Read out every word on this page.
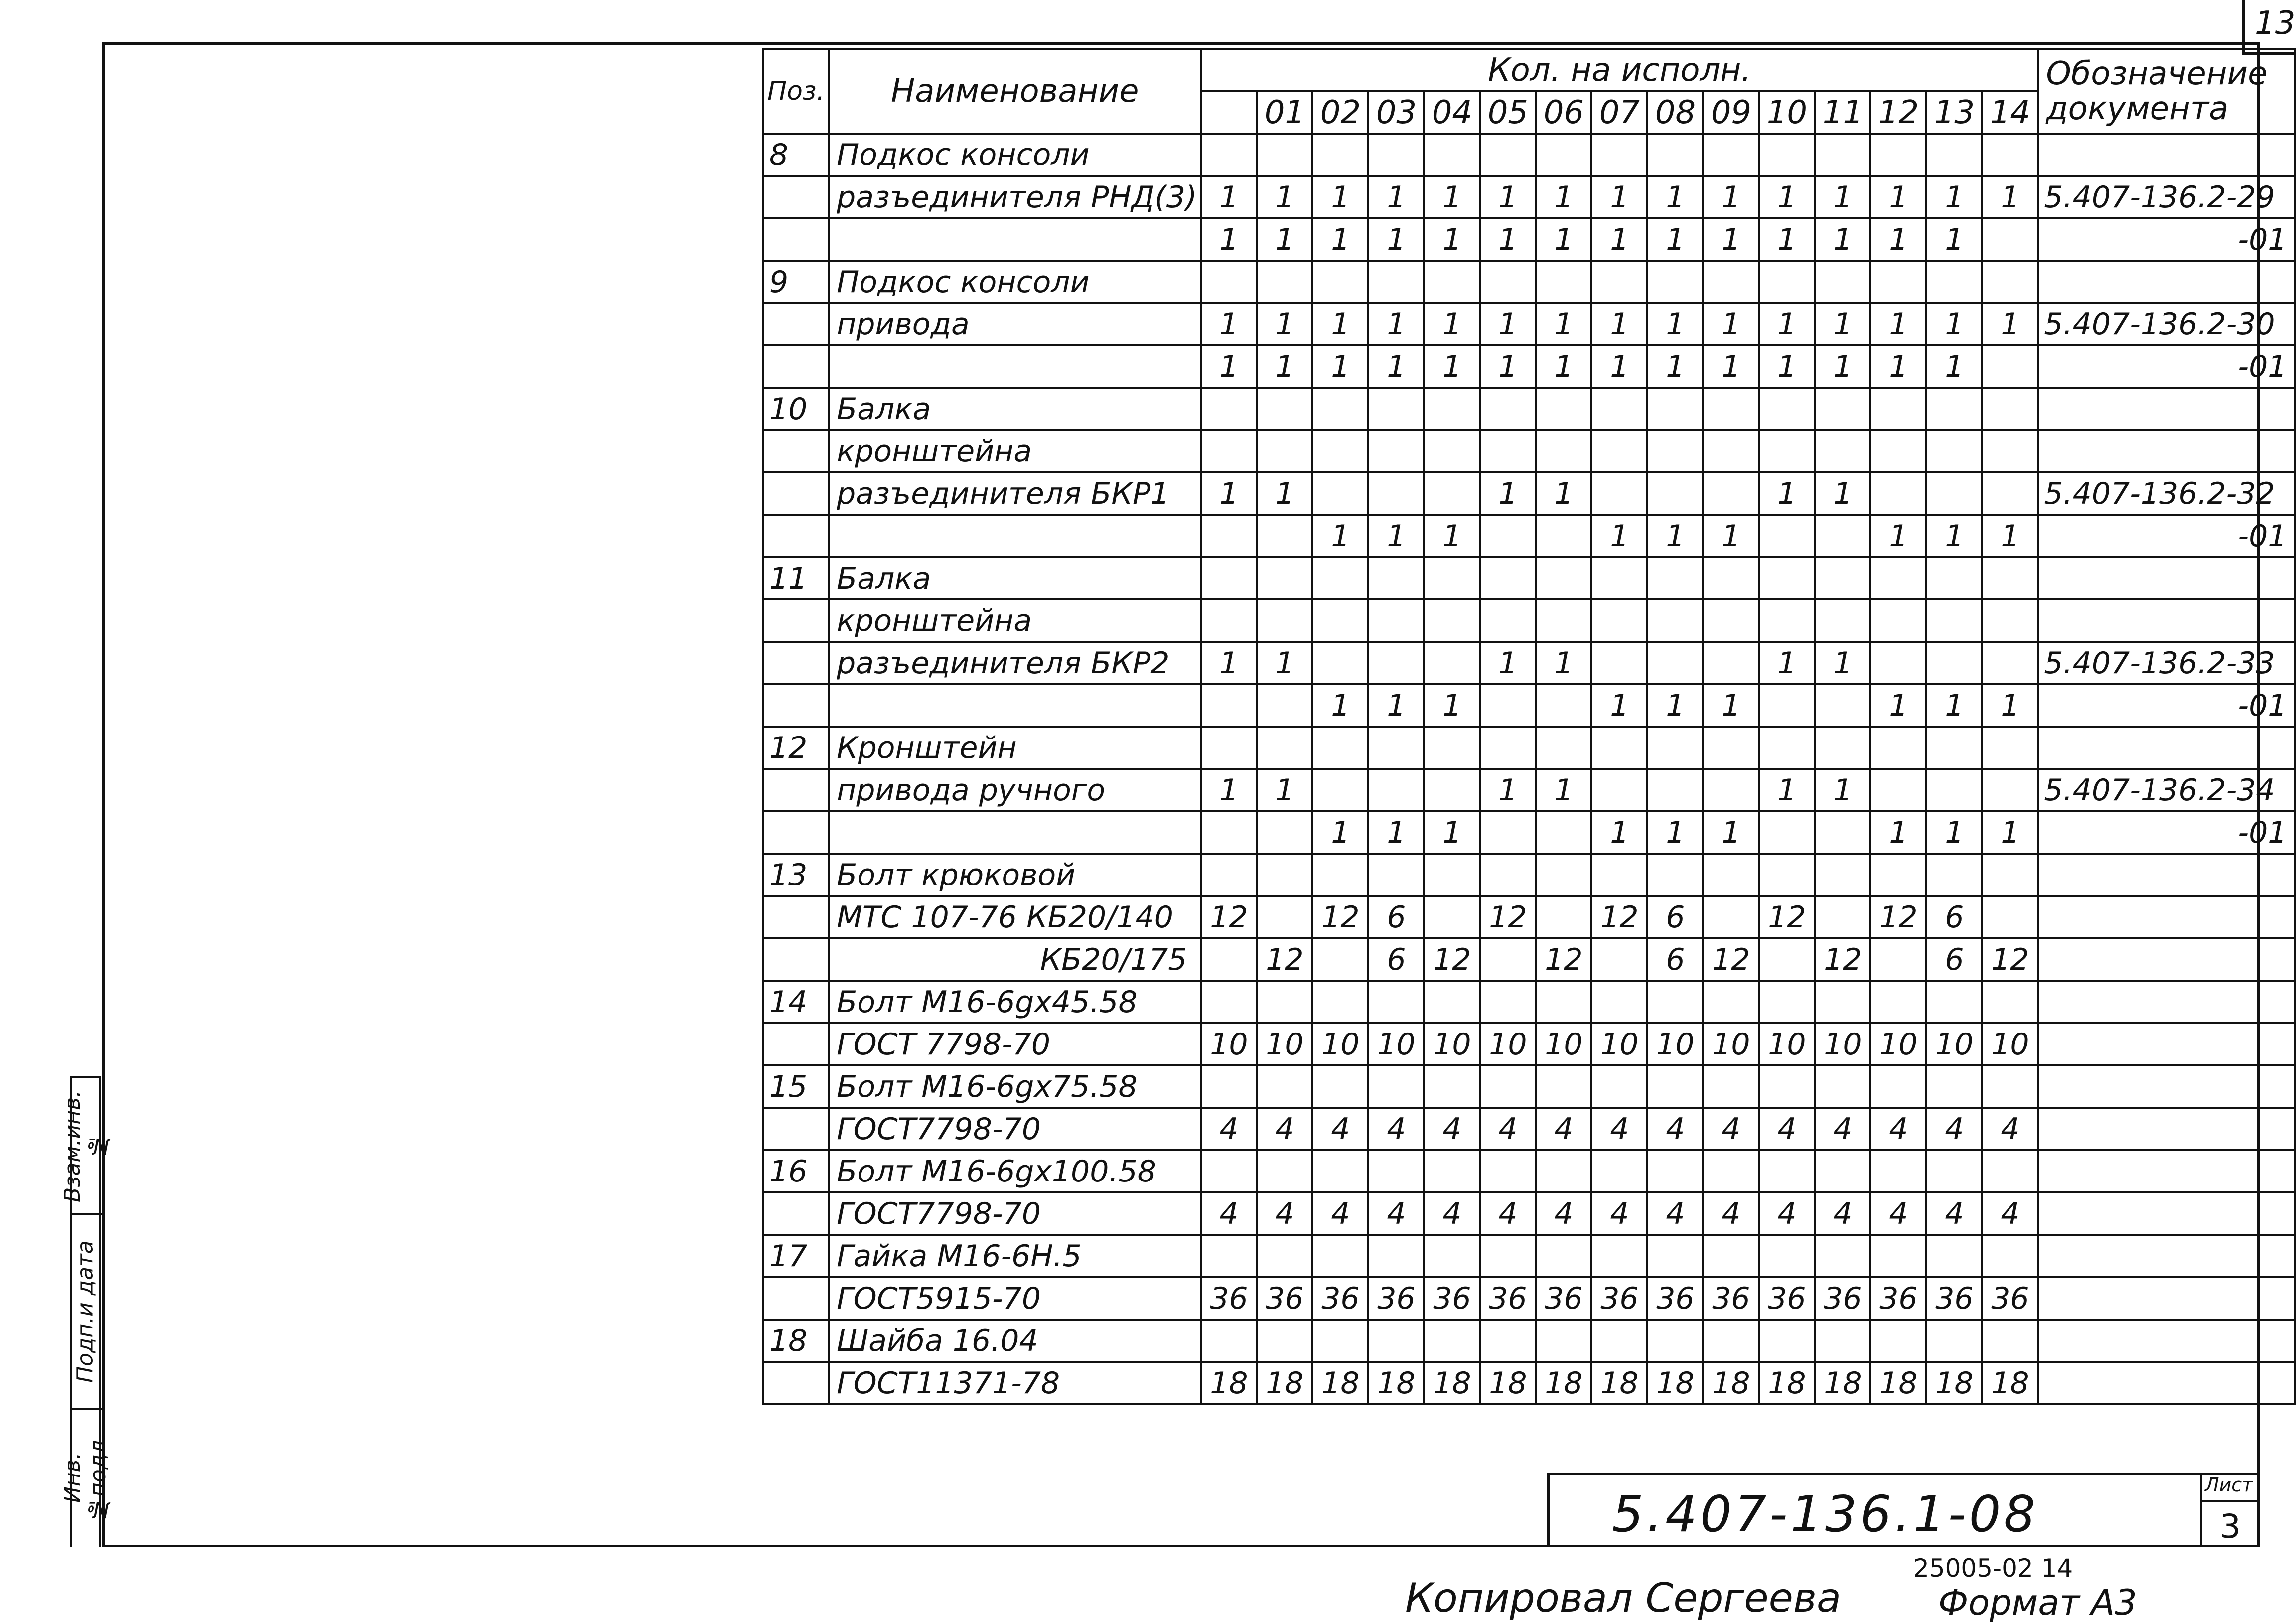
13
Взам.инв.№
Подп.и дата
Инв.№подл.
Поз.	Наименование	Кол. на исполн.															Обозначение документа
			01	02	03	04	05	06	07	08	09	10	11	12	13	14	
8	Подкос консоли																
	разъединителя РНД(3)	1	1	1	1	1	1	1	1	1	1	1	1	1	1	1	5.407-136.2-29
		1	1	1	1	1	1	1	1	1	1	1	1	1	1		-01
9	Подкос консоли																
	привода	1	1	1	1	1	1	1	1	1	1	1	1	1	1	1	5.407-136.2-30
		1	1	1	1	1	1	1	1	1	1	1	1	1	1		-01
10	Балка																
	кронштейна																
	разъединителя БКР1	1	1				1	1				1	1				5.407-136.2-32
				1	1	1			1	1	1			1	1	1	-01
11	Балка																
	кронштейна																
	разъединителя БКР2	1	1				1	1				1	1				5.407-136.2-33
				1	1	1			1	1	1			1	1	1	-01
12	Кронштейн																
	привода ручного	1	1				1	1				1	1				5.407-136.2-34
				1	1	1			1	1	1			1	1	1	-01
13	Болт крюковой																
	МТС 107-76 КБ20/140	12		12	6		12		12	6		12		12	6		
	КБ20/175		12		6	12		12		6	12		12		6	12	
14	Болт М16-6gх45.58																
	ГОСТ 7798-70	10	10	10	10	10	10	10	10	10	10	10	10	10	10	10	
15	Болт М16-6gх75.58																
	ГОСТ7798-70	4	4	4	4	4	4	4	4	4	4	4	4	4	4	4	
16	Болт М16-6gх100.58																
	ГОСТ7798-70	4	4	4	4	4	4	4	4	4	4	4	4	4	4	4	
17	Гайка М16-6Н.5																
	ГОСТ5915-70	36	36	36	36	36	36	36	36	36	36	36	36	36	36	36	
18	Шайба 16.04																
	ГОСТ11371-78	18	18	18	18	18	18	18	18	18	18	18	18	18	18	18	
5.407-136.1-08	Лист
3
Копировал Сергеева
25005-02 14
Формат А3
